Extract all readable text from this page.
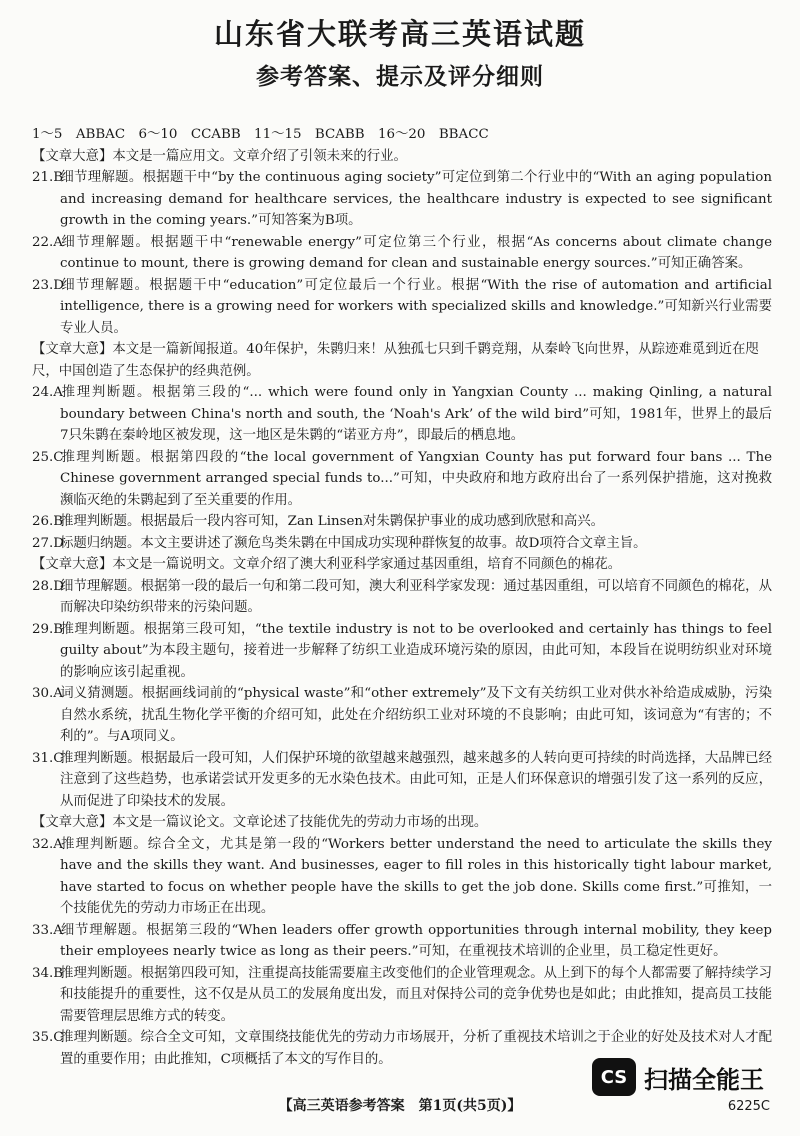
山东省大联考高三英语试题
参考答案、提示及评分细则

1～5　ABBAC　6～10　CCABB　11～15　BCABB　16～20　BBACC

【文章大意】本文是一篇应用文。文章介绍了引领未来的行业。

21.B细节理解题。根据题干中“by the continuous aging society”可定位到第二个行业中的“With an aging population and increasing demand for healthcare services, the healthcare industry is expected to see significant growth in the coming years.”可知答案为B项。

22.A细节理解题。根据题干中“renewable energy”可定位第三个行业，根据“As concerns about climate change continue to mount, there is growing demand for clean and sustainable energy sources.”可知正确答案。

23.D细节理解题。根据题干中“education”可定位最后一个行业。根据“With the rise of automation and artificial intelligence, there is a growing need for workers with specialized skills and knowledge.”可知新兴行业需要专业人员。

【文章大意】本文是一篇新闻报道。40年保护，朱鹮归来！从独孤七只到千鹮竞翔，从秦岭飞向世界，从踪迹难觅到近在咫尺，中国创造了生态保护的经典范例。

24.A推理判断题。根据第三段的“... which were found only in Yangxian County ... making Qinling, a natural boundary between China's north and south, the ‘Noah's Ark’ of the wild bird”可知，1981年，世界上的最后7只朱鹮在秦岭地区被发现，这一地区是朱鹮的“诺亚方舟”，即最后的栖息地。

25.C推理判断题。根据第四段的“the local government of Yangxian County has put forward four bans ... The Chinese government arranged special funds to...”可知，中央政府和地方政府出台了一系列保护措施，这对挽救濒临灭绝的朱鹮起到了至关重要的作用。

26.B推理判断题。根据最后一段内容可知，Zan Linsen对朱鹮保护事业的成功感到欣慰和高兴。

27.D标题归纳题。本文主要讲述了濒危鸟类朱鹮在中国成功实现种群恢复的故事。故D项符合文章主旨。

【文章大意】本文是一篇说明文。文章介绍了澳大利亚科学家通过基因重组，培育不同颜色的棉花。

28.D细节理解题。根据第一段的最后一句和第二段可知，澳大利亚科学家发现：通过基因重组，可以培育不同颜色的棉花，从而解决印染纺织带来的污染问题。

29.B推理判断题。根据第三段可知，“the textile industry is not to be overlooked and certainly has things to feel guilty about”为本段主题句，接着进一步解释了纺织工业造成环境污染的原因，由此可知，本段旨在说明纺织业对环境的影响应该引起重视。

30.A词义猜测题。根据画线词前的“physical waste”和“other extremely”及下文有关纺织工业对供水补给造成威胁，污染自然水系统，扰乱生物化学平衡的介绍可知，此处在介绍纺织工业对环境的不良影响；由此可知，该词意为“有害的；不利的”。与A项同义。

31.C推理判断题。根据最后一段可知，人们保护环境的欲望越来越强烈，越来越多的人转向更可持续的时尚选择，大品牌已经注意到了这些趋势，也承诺尝试开发更多的无水染色技术。由此可知，正是人们环保意识的增强引发了这一系列的反应，从而促进了印染技术的发展。

【文章大意】本文是一篇议论文。文章论述了技能优先的劳动力市场的出现。

32.A推理判断题。综合全文，尤其是第一段的“Workers better understand the need to articulate the skills they have and the skills they want. And businesses, eager to fill roles in this historically tight labour market, have started to focus on whether people have the skills to get the job done. Skills come first.”可推知，一个技能优先的劳动力市场正在出现。

33.A细节理解题。根据第三段的“When leaders offer growth opportunities through internal mobility, they keep their employees nearly twice as long as their peers.”可知，在重视技术培训的企业里，员工稳定性更好。

34.B推理判断题。根据第四段可知，注重提高技能需要雇主改变他们的企业管理观念。从上到下的每个人都需要了解持续学习和技能提升的重要性，这不仅是从员工的发展角度出发，而且对保持公司的竞争优势也是如此；由此推知，提高员工技能需要管理层思维方式的转变。

35.C推理判断题。综合全文可知，文章围绕技能优先的劳动力市场展开，分析了重视技术培训之于企业的好处及技术对人才配置的重要作用；由此推知，C项概括了本文的写作目的。

CS 扫描全能王
【高三英语参考答案　第1页(共5页)】	6225C
